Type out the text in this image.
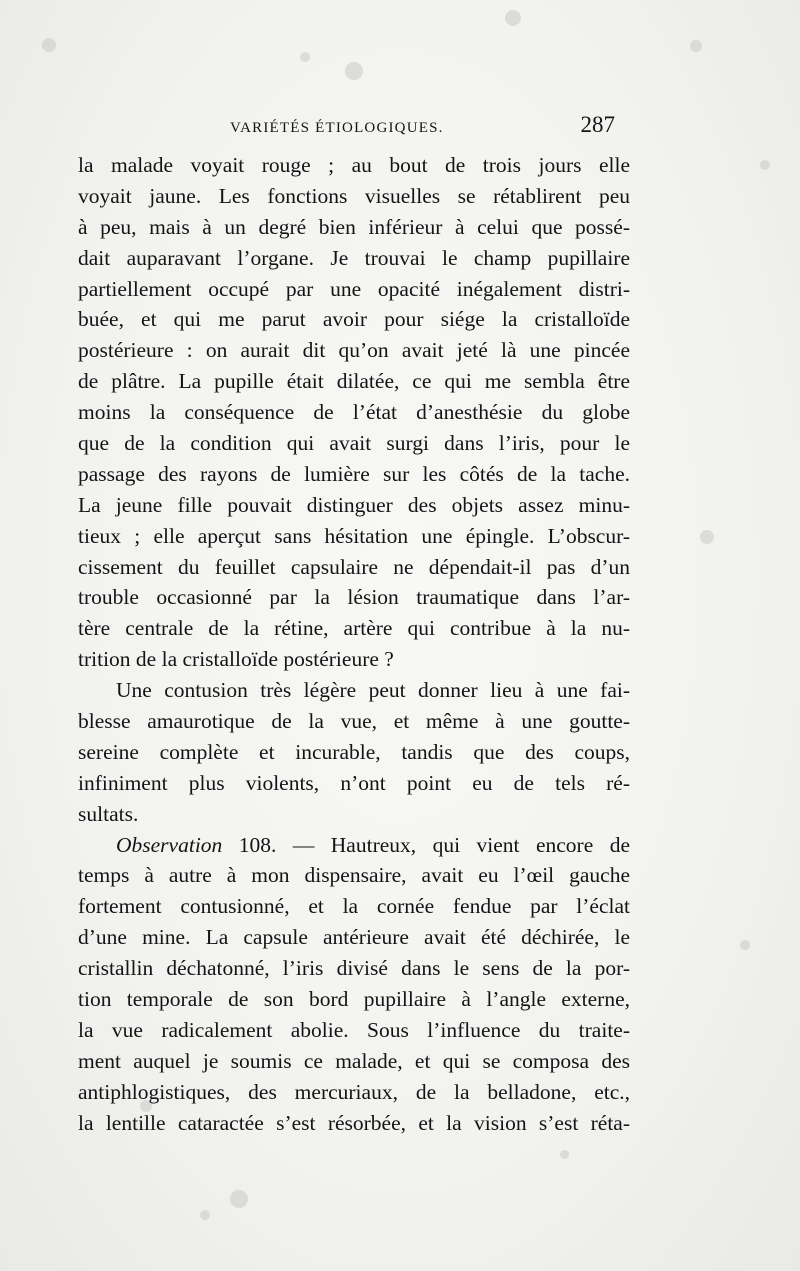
VARIÉTÉS ÉTIOLOGIQUES.	287
la malade voyait rouge ; au bout de trois jours elle
voyait jaune. Les fonctions visuelles se rétablirent peu
à peu, mais à un degré bien inférieur à celui que possé-
dait auparavant l’organe. Je trouvai le champ pupillaire
partiellement occupé par une opacité inégalement distri-
buée, et qui me parut avoir pour siége la cristalloïde
postérieure : on aurait dit qu’on avait jeté là une pincée
de plâtre. La pupille était dilatée, ce qui me sembla être
moins la conséquence de l’état d’anesthésie du globe
que de la condition qui avait surgi dans l’iris, pour le
passage des rayons de lumière sur les côtés de la tache.
La jeune fille pouvait distinguer des objets assez minu-
tieux ; elle aperçut sans hésitation une épingle. L’obscur-
cissement du feuillet capsulaire ne dépendait-il pas d’un
trouble occasionné par la lésion traumatique dans l’ar-
tère centrale de la rétine, artère qui contribue à la nu-
trition de la cristalloïde postérieure ?
Une contusion très légère peut donner lieu à une fai-
blesse amaurotique de la vue, et même à une goutte-
sereine complète et incurable, tandis que des coups,
infiniment plus violents, n’ont point eu de tels ré-
sultats.
Observation 108. — Hautreux, qui vient encore de
temps à autre à mon dispensaire, avait eu l’œil gauche
fortement contusionné, et la cornée fendue par l’éclat
d’une mine. La capsule antérieure avait été déchirée, le
cristallin déchatonné, l’iris divisé dans le sens de la por-
tion temporale de son bord pupillaire à l’angle externe,
la vue radicalement abolie. Sous l’influence du traite-
ment auquel je soumis ce malade, et qui se composa des
antiphlogistiques, des mercuriaux, de la belladone, etc.,
la lentille cataractée s’est résorbée, et la vision s’est réta-
